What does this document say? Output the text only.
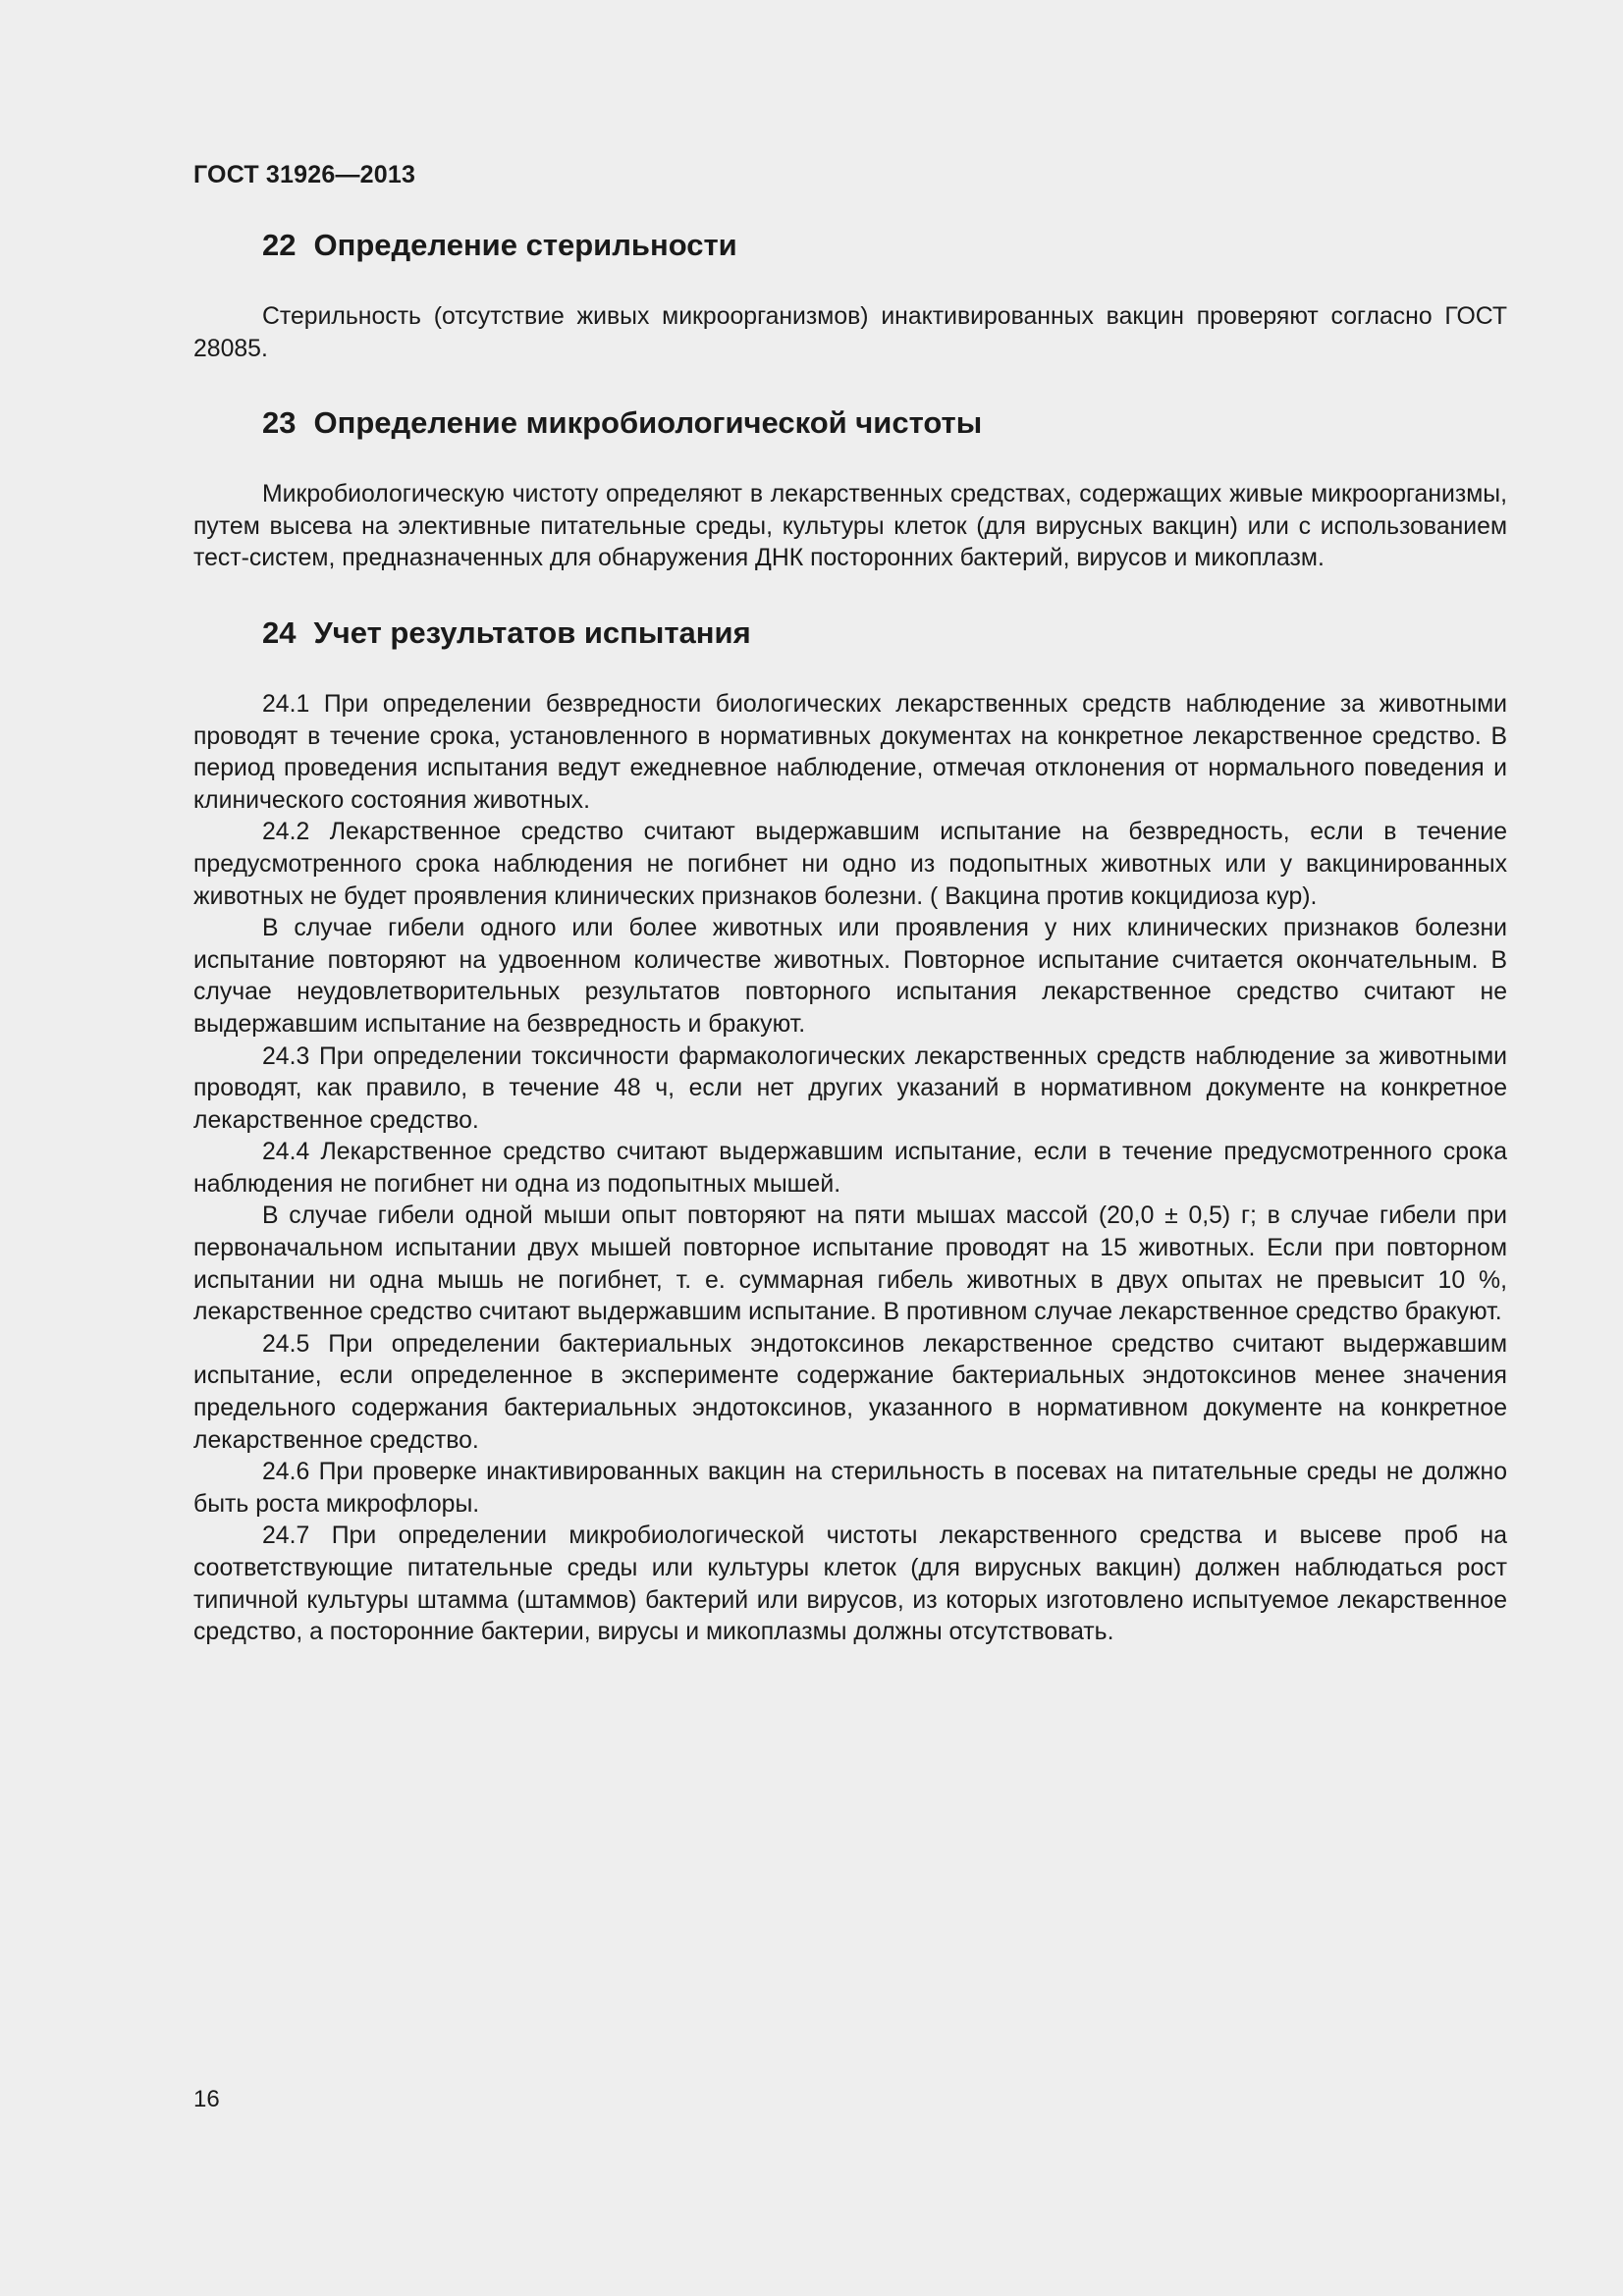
ГОСТ 31926—2013
22 Определение стерильности

Стерильность (отсутствие живых микроорганизмов) инактивированных вакцин проверяют согласно ГОСТ 28085.

23 Определение микробиологической чистоты

Микробиологическую чистоту определяют в лекарственных средствах, содержащих живые микроорганизмы, путем высева на элективные питательные среды, культуры клеток (для вирусных вакцин) или с использованием тест-систем, предназначенных для обнаружения ДНК посторонних бактерий, вирусов и микоплазм.

24 Учет результатов испытания

24.1 При определении безвредности биологических лекарственных средств наблюдение за животными проводят в течение срока, установленного в нормативных документах на конкретное лекарственное средство. В период проведения испытания ведут ежедневное наблюдение, отмечая отклонения от нормального поведения и клинического состояния животных.

24.2 Лекарственное средство считают выдержавшим испытание на безвредность, если в течение предусмотренного срока наблюдения не погибнет ни одно из подопытных животных или у вакцинированных животных не будет проявления клинических признаков болезни. ( Вакцина против кокцидиоза кур).

В случае гибели одного или более животных или проявления у них клинических признаков болезни испытание повторяют на удвоенном количестве животных. Повторное испытание считается окончательным. В случае неудовлетворительных результатов повторного испытания лекарственное средство считают не выдержавшим испытание на безвредность и бракуют.

24.3 При определении токсичности фармакологических лекарственных средств наблюдение за животными проводят, как правило, в течение 48 ч, если нет других указаний в нормативном документе на конкретное лекарственное средство.

24.4 Лекарственное средство считают выдержавшим испытание, если в течение предусмотренного срока наблюдения не погибнет ни одна из подопытных мышей.

В случае гибели одной мыши опыт повторяют на пяти мышах массой (20,0 ± 0,5) г; в случае гибели при первоначальном испытании двух мышей повторное испытание проводят на 15 животных. Если при повторном испытании ни одна мышь не погибнет, т. е. суммарная гибель животных в двух опытах не превысит 10 %, лекарственное средство считают выдержавшим испытание. В противном случае лекарственное средство бракуют.

24.5 При определении бактериальных эндотоксинов лекарственное средство считают выдержавшим испытание, если определенное в эксперименте содержание бактериальных эндотоксинов менее значения предельного содержания бактериальных эндотоксинов, указанного в нормативном документе на конкретное лекарственное средство.

24.6 При проверке инактивированных вакцин на стерильность в посевах на питательные среды не должно быть роста микрофлоры.

24.7 При определении микробиологической чистоты лекарственного средства и высеве проб на соответствующие питательные среды или культуры клеток (для вирусных вакцин) должен наблюдаться рост типичной культуры штамма (штаммов) бактерий или вирусов, из которых изготовлено испытуемое лекарственное средство, а посторонние бактерии, вирусы и микоплазмы должны отсутствовать.

16
